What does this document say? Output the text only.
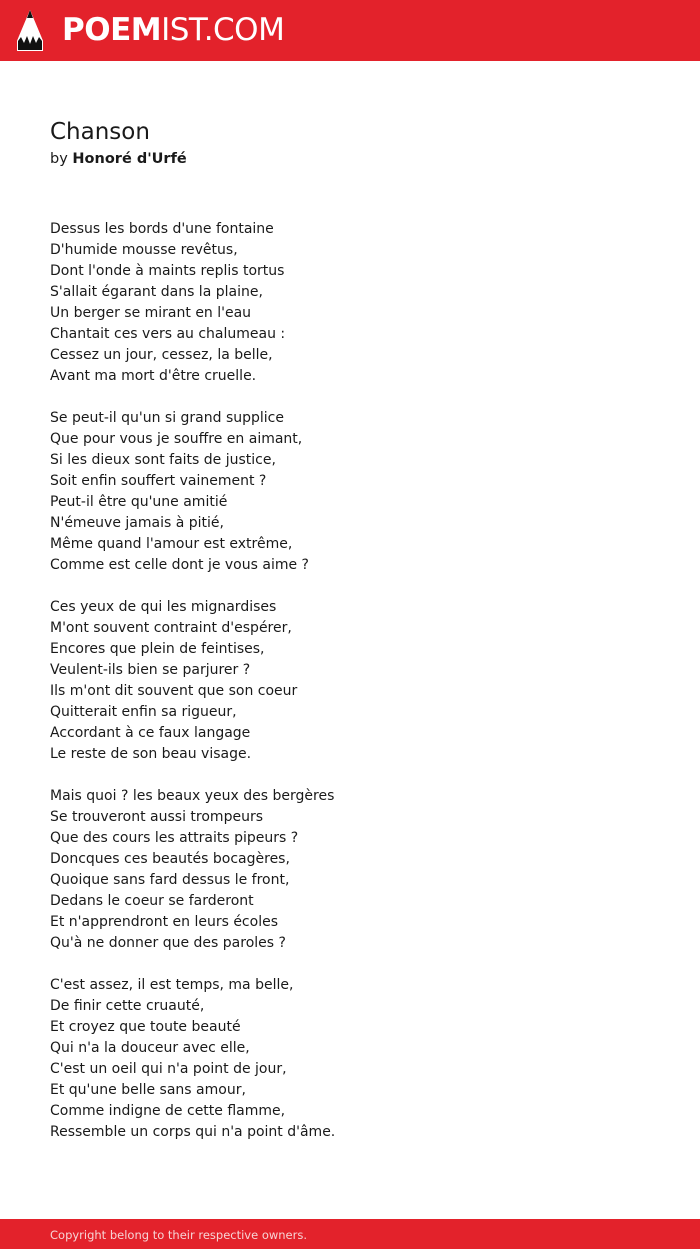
POEMIST.COM
Chanson
by Honoré d'Urfé
Dessus les bords d'une fontaine
D'humide mousse revêtus,
Dont l'onde à maints replis tortus
S'allait égarant dans la plaine,
Un berger se mirant en l'eau
Chantait ces vers au chalumeau :
Cessez un jour, cessez, la belle,
Avant ma mort d'être cruelle.
Se peut-il qu'un si grand supplice
Que pour vous je souffre en aimant,
Si les dieux sont faits de justice,
Soit enfin souffert vainement ?
Peut-il être qu'une amitié
N'émeuve jamais à pitié,
Même quand l'amour est extrême,
Comme est celle dont je vous aime ?
Ces yeux de qui les mignardises
M'ont souvent contraint d'espérer,
Encores que plein de feintises,
Veulent-ils bien se parjurer ?
Ils m'ont dit souvent que son coeur
Quitterait enfin sa rigueur,
Accordant à ce faux langage
Le reste de son beau visage.
Mais quoi ? les beaux yeux des bergères
Se trouveront aussi trompeurs
Que des cours les attraits pipeurs ?
Doncques ces beautés bocagères,
Quoique sans fard dessus le front,
Dedans le coeur se farderont
Et n'apprendront en leurs écoles
Qu'à ne donner que des paroles ?
C'est assez, il est temps, ma belle,
De finir cette cruauté,
Et croyez que toute beauté
Qui n'a la douceur avec elle,
C'est un oeil qui n'a point de jour,
Et qu'une belle sans amour,
Comme indigne de cette flamme,
Ressemble un corps qui n'a point d'âme.
Copyright belong to their respective owners.
